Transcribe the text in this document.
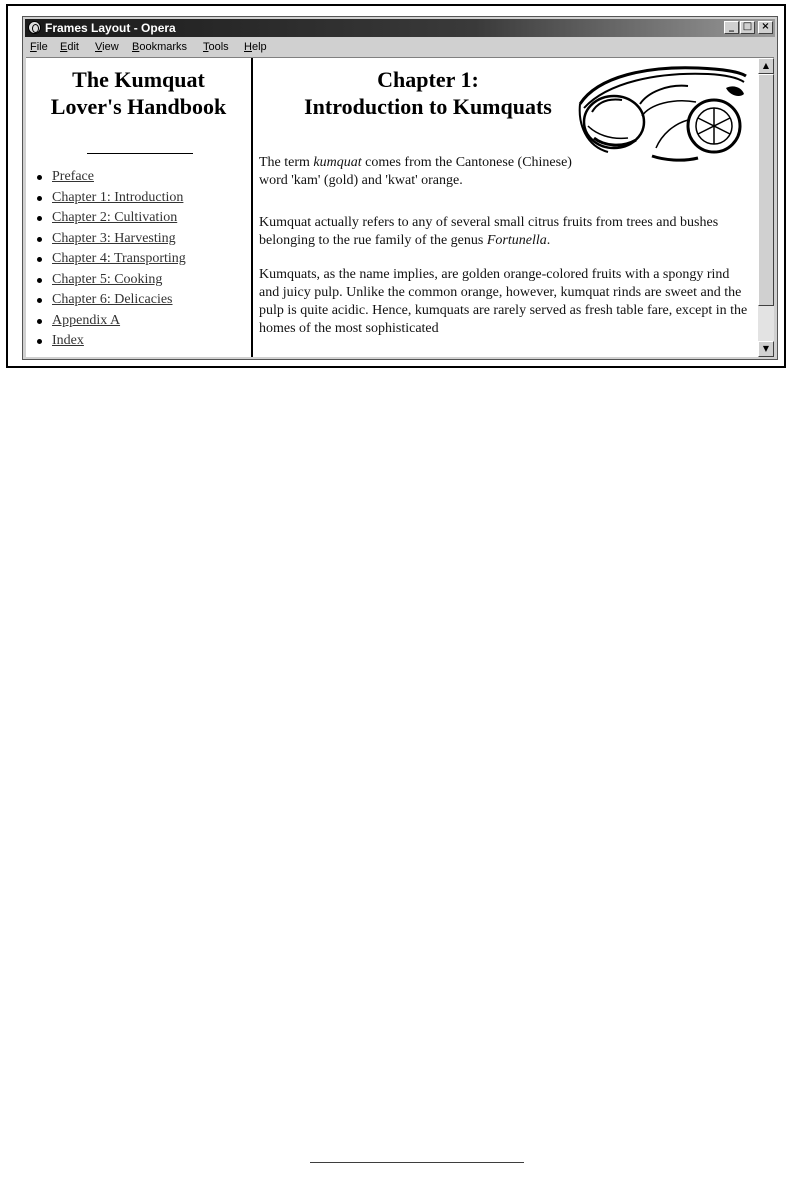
Frames Layout - Opera	_ □ ×
File Edit View Bookmarks Tools Help
The Kumquat
Lover's Handbook
Preface
Chapter 1: Introduction
Chapter 2: Cultivation
Chapter 3: Harvesting
Chapter 4: Transporting
Chapter 5: Cooking
Chapter 6: Delicacies
Appendix A
Index
Chapter 1:
Introduction to Kumquats

The term kumquat comes from the Cantonese (Chinese) word 'kam' (gold) and 'kwat' orange.

Kumquat actually refers to any of several small citrus fruits from trees and bushes belonging to the rue family of the genus Fortunella.

Kumquats, as the name implies, are golden orange-colored fruits with a spongy rind and juicy pulp. Unlike the common orange, however, kumquat rinds are sweet and the pulp is quite acidic. Hence, kumquats are rarely served as fresh table fare, except in the homes of the most sophisticated

▲
▼
